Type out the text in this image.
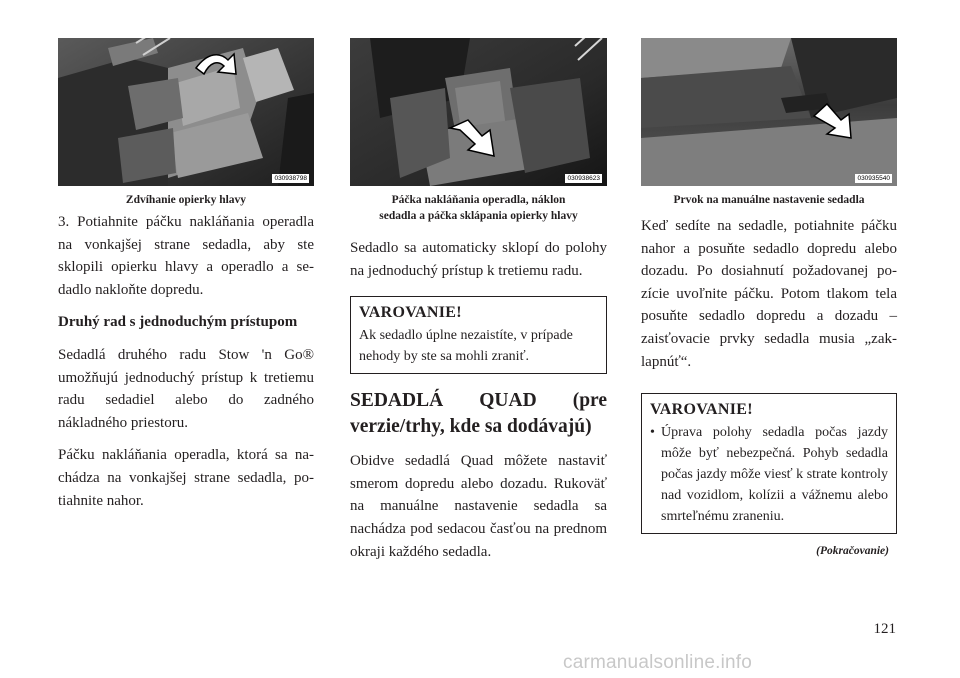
030938798
Zdvíhanie opierky hlavy
030938623
Páčka nakláňania operadla, náklon
sedadla a páčka sklápania opierky hlavy
030935540
Prvok na manuálne nastavenie sedadla

3. Potiahnite páčku nakláňania operadla na vonkajšej strane sedadla, aby ste sklopili opierku hlavy a operadlo a sedadlo nakloňte dopredu.

Druhý rad s jednoduchým prístupom

Sedadlá druhého radu Stow 'n Go® umožňujú jednoduchý prístup k tretiemu radu sedadiel alebo do zadného nákladného priestoru.

Páčku nakláňania operadla, ktorá sa nachádza na vonkajšej strane sedadla, potiahnite nahor.

Sedadlo sa automaticky sklopí do polohy na jednoduchý prístup k tretiemu radu.

VAROVANIE!
Ak sedadlo úplne nezaistíte, v prípade nehody by ste sa mohli zraniť.
SEDADLÁ QUAD (pre verzie/trhy, kde sa dodávajú)

Obidve sedadlá Quad môžete nastaviť smerom dopredu alebo dozadu. Rukoväť na manuálne nastavenie sedadla sa nachádza pod sedacou časťou na prednom okraji každého sedadla.

Keď sedíte na sedadle, potiahnite páčku nahor a posuňte sedadlo dopredu alebo dozadu. Po dosiahnutí požadovanej pozície uvoľnite páčku. Potom tlakom tela posuňte sedadlo dopredu a dozadu – zaisťovacie prvky sedadla musia „zaklapnúť“.

VAROVANIE!
• Úprava polohy sedadla počas jazdy môže byť nebezpečná. Pohyb sedadla počas jazdy môže viesť k strate kontroly nad vozidlom, kolízii a vážnemu alebo smrteľnému zraneniu.
(Pokračovanie)
121
carmanualsonline.info
